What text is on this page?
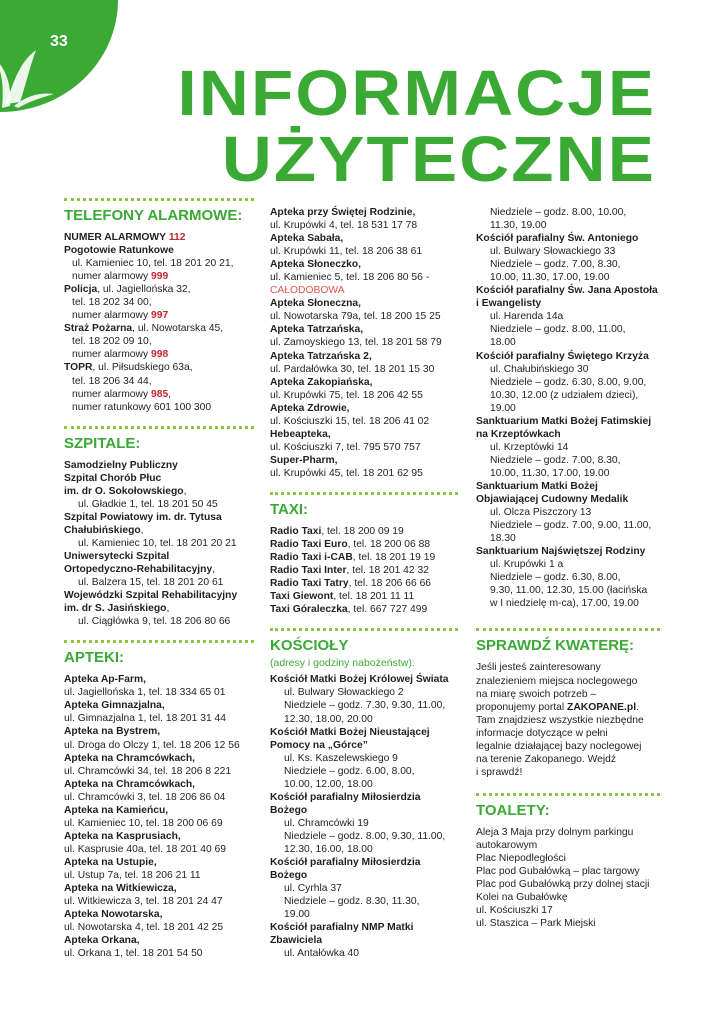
33
INFORMACJE
UŻYTECZNE
TELEFONY ALARMOWE:
NUMER ALARMOWY 112
Pogotowie Ratunkowe
ul. Kamieniec 10, tel. 18 201 20 21,
numer alarmowy 999
Policja, ul. Jagiellońska 32,
tel. 18 202 34 00,
numer alarmowy 997
Straż Pożarna, ul. Nowotarska 45,
tel. 18 202 09 10,
numer alarmowy 998
TOPR, ul. Piłsudskiego 63a,
tel. 18 206 34 44,
numer alarmowy 985,
numer ratunkowy 601 100 300
SZPITALE:
Samodzielny Publiczny
Szpital Chorób Płuc
im. dr O. Sokołowskiego,
ul. Gładkie 1, tel. 18 201 50 45
Szpital Powiatowy im. dr. Tytusa
Chałubińskiego,
ul. Kamieniec 10, tel. 18 201 20 21
Uniwersytecki Szpital
Ortopedyczno-Rehabilitacyjny,
ul. Balzera 15, tel. 18 201 20 61
Wojewódzki Szpital Rehabilitacyjny
im. dr S. Jasińskiego,
ul. Ciągłówka 9, tel. 18 206 80 66
APTEKI:
Apteka Ap-Farm,
ul. Jagiellońska 1, tel. 18 334 65 01
Apteka Gimnazjalna,
ul. Gimnazjalna 1, tel. 18 201 31 44
Apteka na Bystrem,
ul. Droga do Olczy 1, tel. 18 206 12 56
Apteka na Chramcówkach,
ul. Chramcówki 34, tel. 18 206 8 221
Apteka na Chramcówkach,
ul. Chramcówki 3, tel. 18 206 86 04
Apteka na Kamieńcu,
ul. Kamieniec 10, tel. 18 200 06 69
Apteka na Kasprusiach,
ul. Kasprusie 40a, tel. 18 201 40 69
Apteka na Ustupie,
ul. Ustup 7a, tel. 18 206 21 11
Apteka na Witkiewicza,
ul. Witkiewicza 3, tel. 18 201 24 47
Apteka Nowotarska,
ul. Nowotarska 4, tel. 18 201 42 25
Apteka Orkana,
ul. Orkana 1, tel. 18 201 54 50
Apteka przy Świętej Rodzinie,
ul. Krupówki 4, tel. 18 531 17 78
Apteka Sabała,
ul. Krupówki 11, tel. 18 206 38 61
Apteka Słoneczko,
ul. Kamieniec 5, tel. 18 206 80 56 -
CAŁODOBOWA
Apteka Słoneczna,
ul. Nowotarska 79a, tel. 18 200 15 25
Apteka Tatrzańska,
ul. Zamoyskiego 13, tel. 18 201 58 79
Apteka Tatrzańska 2,
ul. Pardałówka 30, tel. 18 201 15 30
Apteka Zakopiańska,
ul. Krupówki 75, tel. 18 206 42 55
Apteka Zdrowie,
ul. Kościuszki 15, tel. 18 206 41 02
Hebeapteka,
ul. Kościuszki 7, tel. 795 570 757
Super-Pharm,
ul. Krupówki 45, tel. 18 201 62 95
TAXI:
Radio Taxi, tel. 18 200 09 19
Radio Taxi Euro, tel. 18 200 06 88
Radio Taxi i-CAB, tel. 18 201 19 19
Radio Taxi Inter, tel. 18 201 42 32
Radio Taxi Tatry, tel. 18 206 66 66
Taxi Giewont, tel. 18 201 11 11
Taxi Góraleczka, tel. 667 727 499
KOŚCIOŁY
(adresy i godziny nabożeństw):
Kościół Matki Bożej Królowej Świata
ul. Bulwary Słowackiego 2
Niedziele – godz. 7.30, 9.30, 11.00,
12.30, 18.00, 20.00
Kościół Matki Bożej Nieustającej
Pomocy na „Górce”
ul. Ks. Kaszelewskiego 9
Niedziele – godz. 6.00, 8.00,
10.00, 12.00, 18.00
Kościół parafialny Miłosierdzia
Bożego
ul. Chramcówki 19
Niedziele – godz. 8.00, 9.30, 11.00,
12.30, 16.00, 18.00
Kościół parafialny Miłosierdzia
Bożego
ul. Cyrhla 37
Niedziele – godz. 8.30, 11.30,
19.00
Kościół parafialny NMP Matki
Zbawiciela
ul. Antałówka 40
Niedziele – godz. 8.00, 10.00,
11.30, 19.00
Kościół parafialny Św. Antoniego
ul. Bulwary Słowackiego 33
Niedziele – godz. 7.00, 8.30,
10.00, 11.30, 17.00, 19.00
Kościół parafialny Św. Jana Apostoła
i Ewangelisty
ul. Harenda 14a
Niedziele – godz. 8.00, 11.00,
18.00
Kościół parafialny Świętego Krzyża
ul. Chałubińskiego 30
Niedziele – godz. 6.30, 8.00, 9.00,
10.30, 12.00 (z udziałem dzieci),
19.00
Sanktuarium Matki Bożej Fatimskiej
na Krzeptówkach
ul. Krzeptówki 14
Niedziele – godz. 7.00, 8.30,
10.00, 11.30, 17.00, 19.00
Sanktuarium Matki Bożej
Objawiającej Cudowny Medalik
ul. Olcza Piszczory 13
Niedziele – godz. 7.00, 9.00, 11.00,
18.30
Sanktuarium Najświętszej Rodziny
ul. Krupówki 1 a
Niedziele – godz. 6.30, 8.00,
9.30, 11.00, 12.30, 15.00 (łacińska
w I niedzielę m-ca), 17.00, 19.00
SPRAWDŹ KWATERĘ:
Jeśli jesteś zainteresowany
znalezieniem miejsca noclegowego
na miarę swoich potrzeb –
proponujemy portal ZAKOPANE.pl.
Tam znajdziesz wszystkie niezbędne
informacje dotyczące w pełni
legalnie działającej bazy noclegowej
na terenie Zakopanego. Wejdź
i sprawdź!
TOALETY:
Aleja 3 Maja przy dolnym parkingu
autokarowym
Plac Niepodległości
Plac pod Gubałówką – plac targowy
Plac pod Gubałówką przy dolnej stacji
Kolei na Gubałówkę
ul. Kościuszki 17
ul. Staszica – Park Miejski
